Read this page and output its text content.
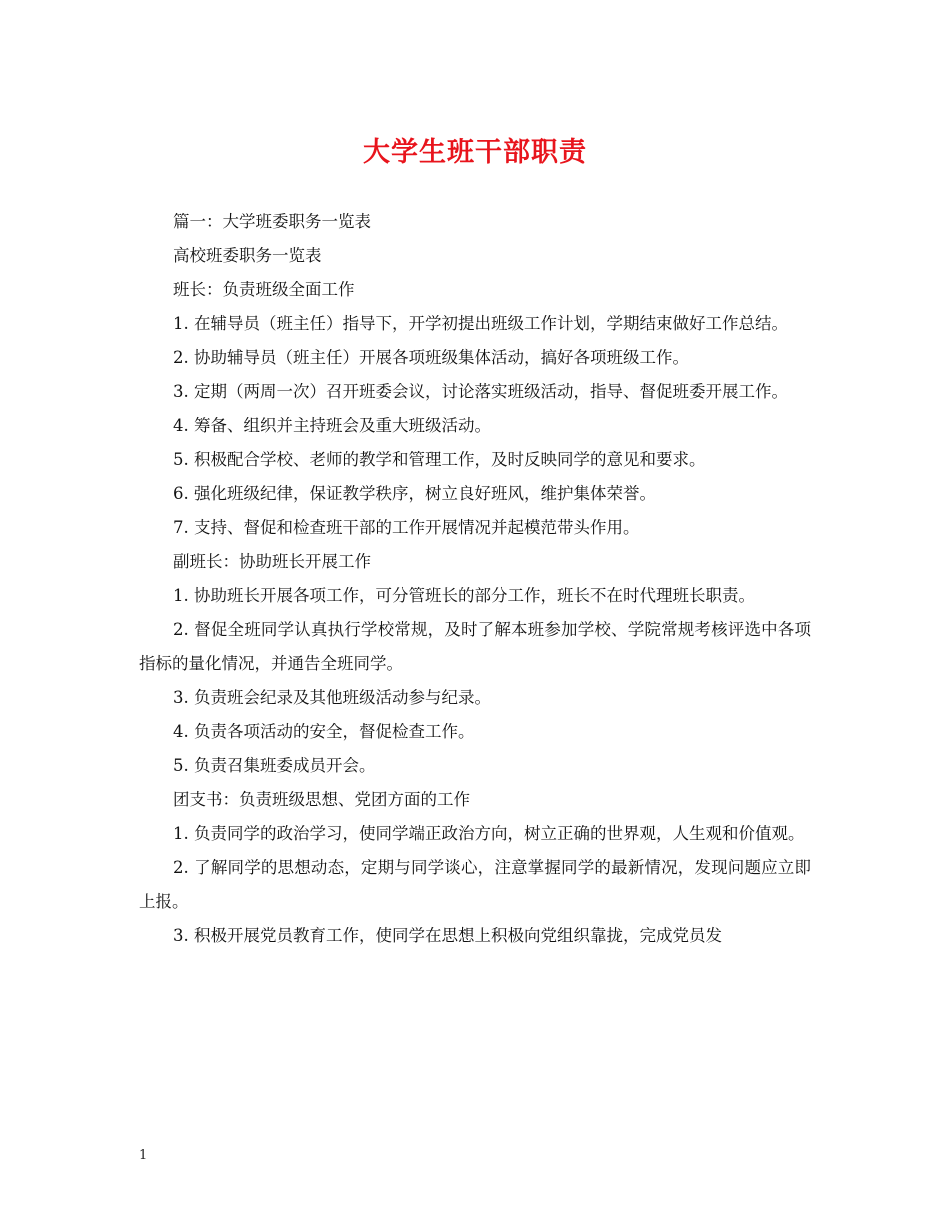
大学生班干部职责

篇一：大学班委职务一览表

高校班委职务一览表

班长：负责班级全面工作

1. 在辅导员（班主任）指导下，开学初提出班级工作计划，学期结束做好工作总结。

2. 协助辅导员（班主任）开展各项班级集体活动，搞好各项班级工作。

3. 定期（两周一次）召开班委会议，讨论落实班级活动，指导、督促班委开展工作。

4. 筹备、组织并主持班会及重大班级活动。

5. 积极配合学校、老师的教学和管理工作，及时反映同学的意见和要求。

6. 强化班级纪律，保证教学秩序，树立良好班风，维护集体荣誉。

7. 支持、督促和检查班干部的工作开展情况并起模范带头作用。

副班长：协助班长开展工作

1. 协助班长开展各项工作，可分管班长的部分工作，班长不在时代理班长职责。

2. 督促全班同学认真执行学校常规，及时了解本班参加学校、学院常规考核评选中各项指标的量化情况，并通告全班同学。

3. 负责班会纪录及其他班级活动参与纪录。

4. 负责各项活动的安全，督促检查工作。

5. 负责召集班委成员开会。

团支书：负责班级思想、党团方面的工作

1. 负责同学的政治学习，使同学端正政治方向，树立正确的世界观，人生观和价值观。

2. 了解同学的思想动态，定期与同学谈心，注意掌握同学的最新情况，发现问题应立即上报。

3. 积极开展党员教育工作，使同学在思想上积极向党组织靠拢，完成党员发

1
